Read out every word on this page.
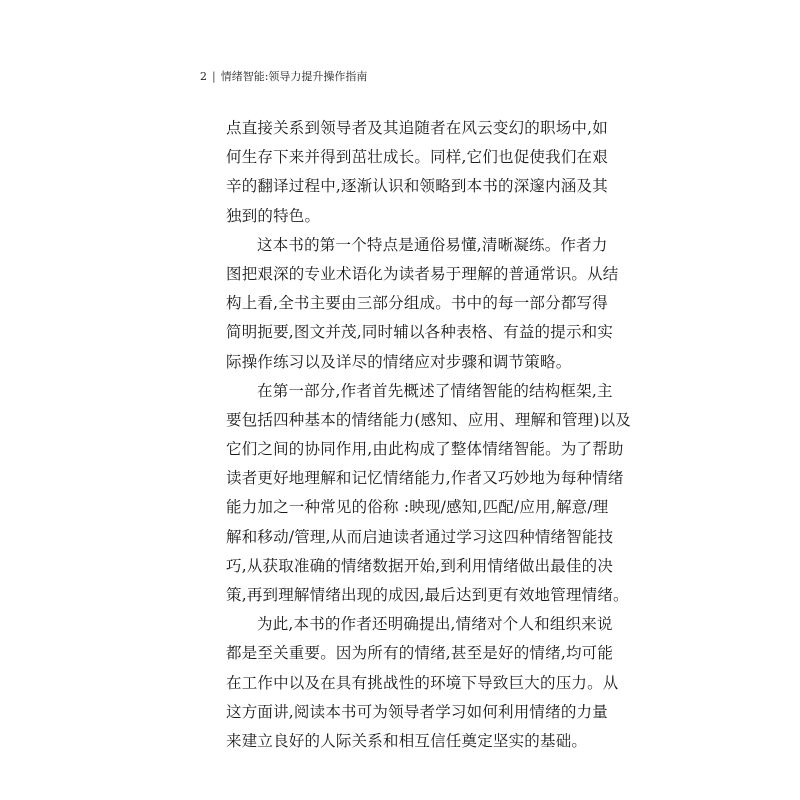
2 | 情绪智能:领导力提升操作指南
点直接关系到领导者及其追随者在风云变幻的职场中,如
何生存下来并得到茁壮成长。同样,它们也促使我们在艰
辛的翻译过程中,逐渐认识和领略到本书的深邃内涵及其
独到的特色。
这本书的第一个特点是通俗易懂,清晰凝练。作者力
图把艰深的专业术语化为读者易于理解的普通常识。从结
构上看,全书主要由三部分组成。书中的每一部分都写得
简明扼要,图文并茂,同时辅以各种表格、有益的提示和实
际操作练习以及详尽的情绪应对步骤和调节策略。
在第一部分,作者首先概述了情绪智能的结构框架,主
要包括四种基本的情绪能力(感知、应用、理解和管理)以及
它们之间的协同作用,由此构成了整体情绪智能。为了帮助
读者更好地理解和记忆情绪能力,作者又巧妙地为每种情绪
能力加之一种常见的俗称 :映现/感知,匹配/应用,解意/理
解和移动/管理,从而启迪读者通过学习这四种情绪智能技
巧,从获取准确的情绪数据开始,到利用情绪做出最佳的决
策,再到理解情绪出现的成因,最后达到更有效地管理情绪。
为此,本书的作者还明确提出,情绪对个人和组织来说
都是至关重要。因为所有的情绪,甚至是好的情绪,均可能
在工作中以及在具有挑战性的环境下导致巨大的压力。从
这方面讲,阅读本书可为领导者学习如何利用情绪的力量
来建立良好的人际关系和相互信任奠定坚实的基础。
